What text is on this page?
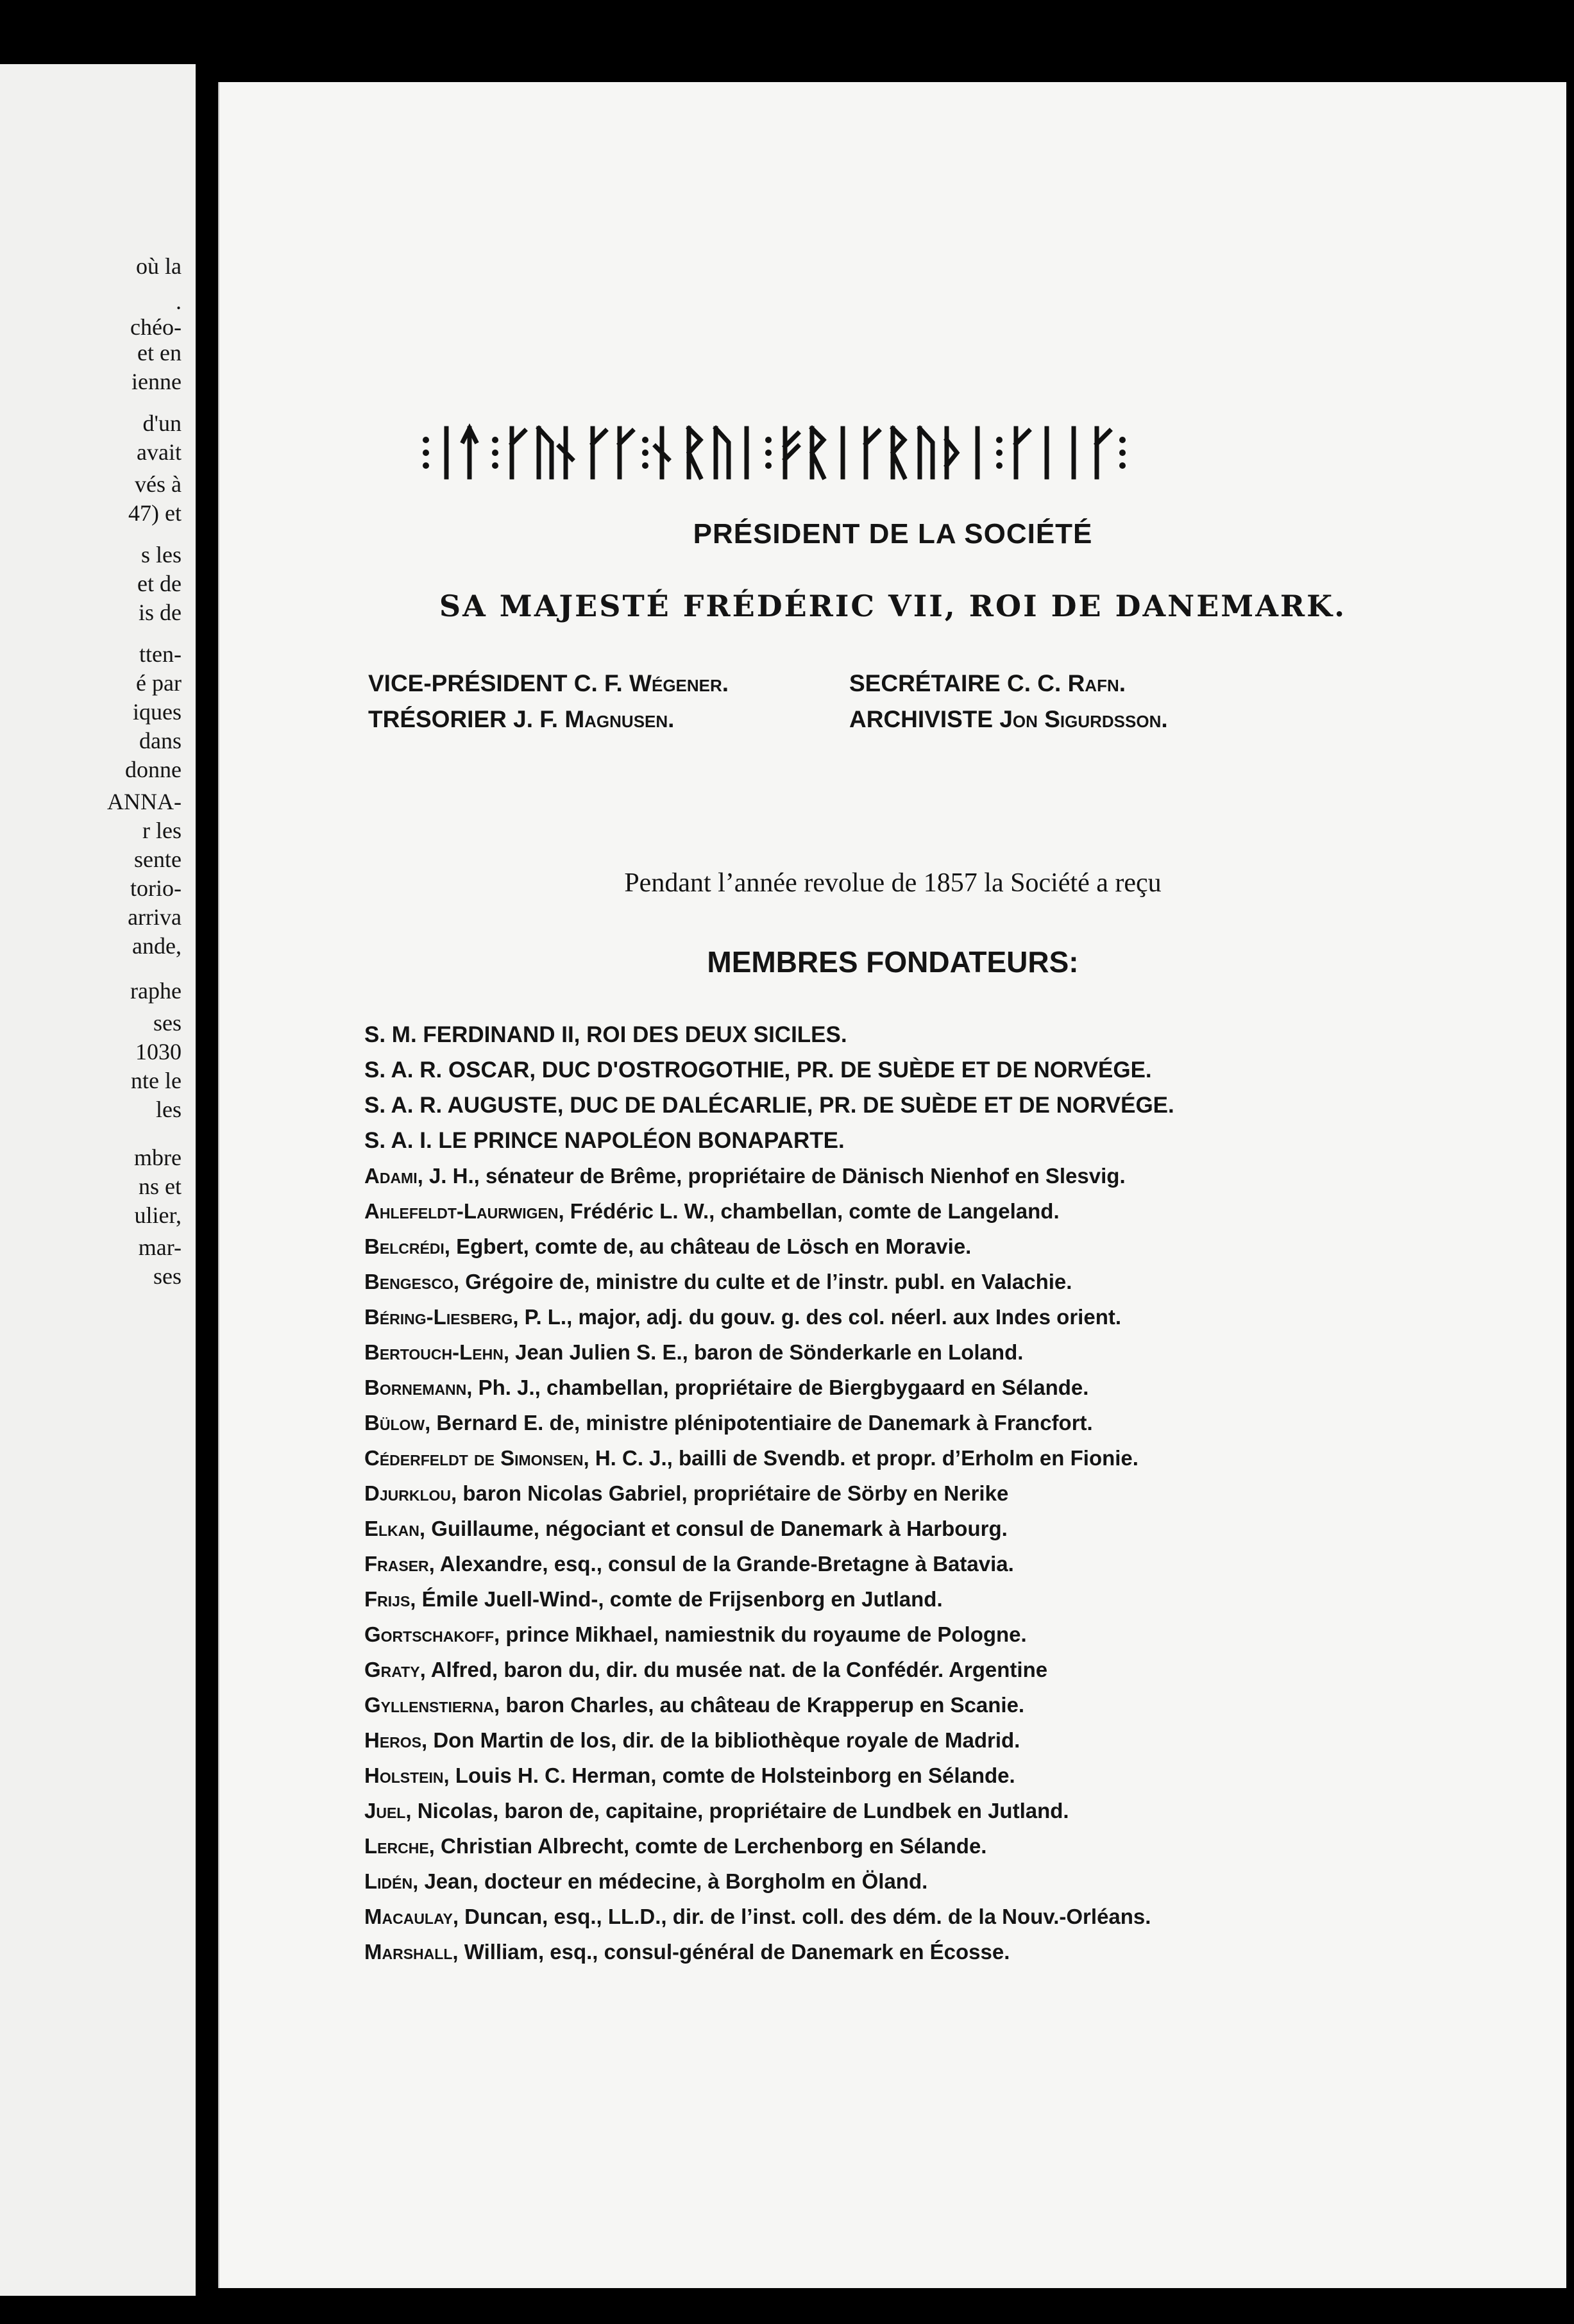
où la
.
chéo-
et en
ienne
d'un
avait
vés à
47) et
s les
et de
is de
tten-
é par
iques
dans
donne
ANNA-
r les
sente
torio-
arriva
ande,
raphe
ses
1030
nte le
les
mbre
ns et
ulier,
mar-
ses
PRÉSIDENT DE LA SOCIÉTÉ
SA MAJESTÉ FRÉDÉRIC VII, ROI DE DANEMARK.
VICE-PRÉSIDENT C. F. Wégener.
TRÉSORIER J. F. Magnusen.
SECRÉTAIRE C. C. Rafn.
ARCHIVISTE Jon Sigurdsson.
Pendant l’année revolue de 1857 la Société a reçu
MEMBRES FONDATEURS:
S. M. FERDINAND II, ROI DES DEUX SICILES.
S. A. R. OSCAR, DUC D'OSTROGOTHIE, PR. DE SUÈDE ET DE NORVÉGE.
S. A. R. AUGUSTE, DUC DE DALÉCARLIE, PR. DE SUÈDE ET DE NORVÉGE.
S. A. I. LE PRINCE NAPOLÉON BONAPARTE.
Adami, J. H., sénateur de Brême, propriétaire de Dänisch Nienhof en Slesvig.
Ahlefeldt-Laurwigen, Frédéric L. W., chambellan, comte de Langeland.
Belcrédi, Egbert, comte de, au château de Lösch en Moravie.
Bengesco, Grégoire de, ministre du culte et de l’instr. publ. en Valachie.
Béring-Liesberg, P. L., major, adj. du gouv. g. des col. néerl. aux Indes orient.
Bertouch-Lehn, Jean Julien S. E., baron de Sönderkarle en Loland.
Bornemann, Ph. J., chambellan, propriétaire de Biergbygaard en Sélande.
Bülow, Bernard E. de, ministre plénipotentiaire de Danemark à Francfort.
Céderfeldt de Simonsen, H. C. J., bailli de Svendb. et propr. d’Erholm en Fionie.
Djurklou, baron Nicolas Gabriel, propriétaire de Sörby en Nerike
Elkan, Guillaume, négociant et consul de Danemark à Harbourg.
Fraser, Alexandre, esq., consul de la Grande-Bretagne à Batavia.
Frijs, Émile Juell-Wind-, comte de Frijsenborg en Jutland.
Gortschakoff, prince Mikhael, namiestnik du royaume de Pologne.
Graty, Alfred, baron du, dir. du musée nat. de la Confédér. Argentine
Gyllenstierna, baron Charles, au château de Krapperup en Scanie.
Heros, Don Martin de los, dir. de la bibliothèque royale de Madrid.
Holstein, Louis H. C. Herman, comte de Holsteinborg en Sélande.
Juel, Nicolas, baron de, capitaine, propriétaire de Lundbek en Jutland.
Lerche, Christian Albrecht, comte de Lerchenborg en Sélande.
Lidén, Jean, docteur en médecine, à Borgholm en Öland.
Macaulay, Duncan, esq., LL.D., dir. de l’inst. coll. des dém. de la Nouv.-Orléans.
Marshall, William, esq., consul-général de Danemark en Écosse.
